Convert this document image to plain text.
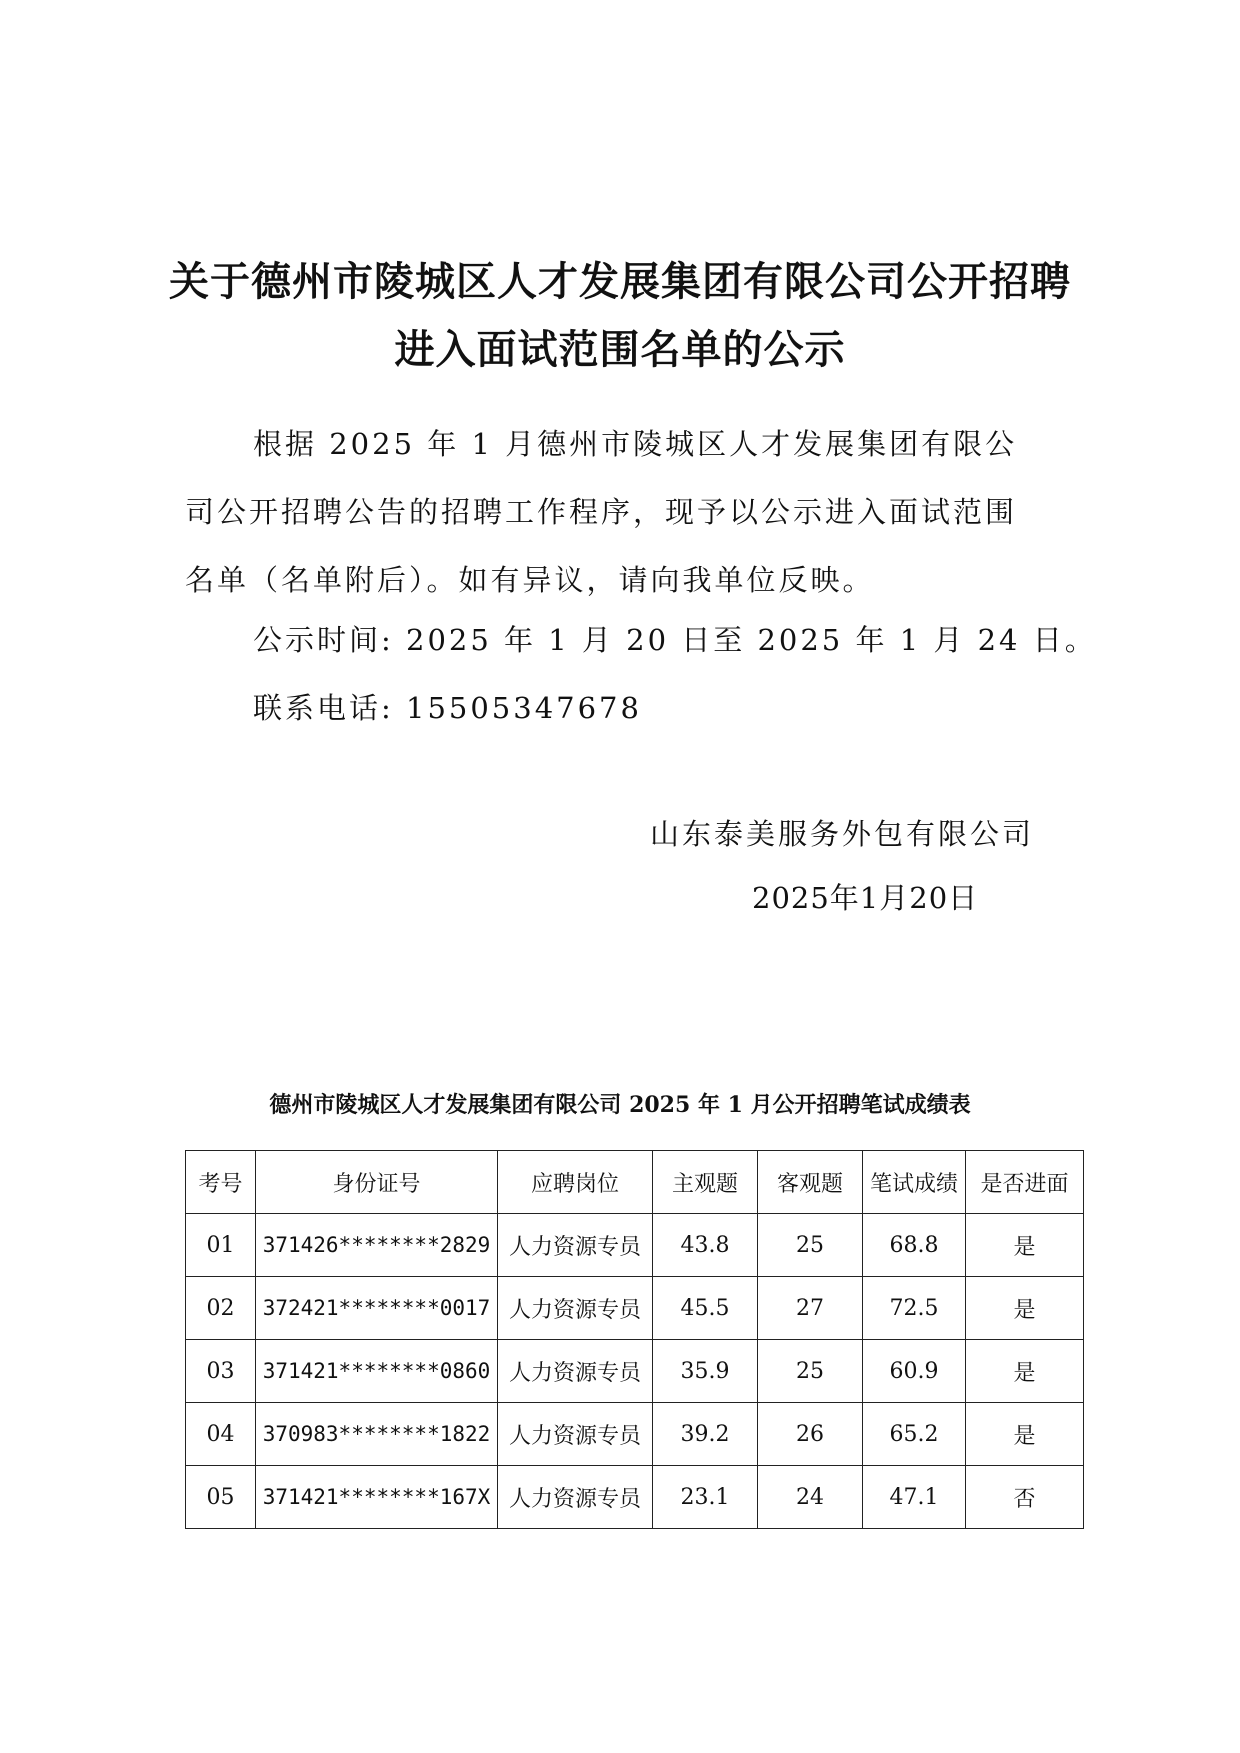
关于德州市陵城区人才发展集团有限公司公开招聘
进入面试范围名单的公示
根据 2025 年 1 月德州市陵城区人才发展集团有限公司公开招聘公告的招聘工作程序，现予以公示进入面试范围名单（名单附后）。如有异议，请向我单位反映。
公示时间: 2025 年 1 月 20 日至 2025 年 1 月 24 日。
联系电话: 15505347678
山东泰美服务外包有限公司
2025年1月20日
德州市陵城区人才发展集团有限公司 2025 年 1 月公开招聘笔试成绩表
考号	身份证号	应聘岗位	主观题	客观题	笔试成绩	是否进面
01	371426********2829	人力资源专员	43.8	25	68.8	是
02	372421********0017	人力资源专员	45.5	27	72.5	是
03	371421********0860	人力资源专员	35.9	25	60.9	是
04	370983********1822	人力资源专员	39.2	26	65.2	是
05	371421********167X	人力资源专员	23.1	24	47.1	否
